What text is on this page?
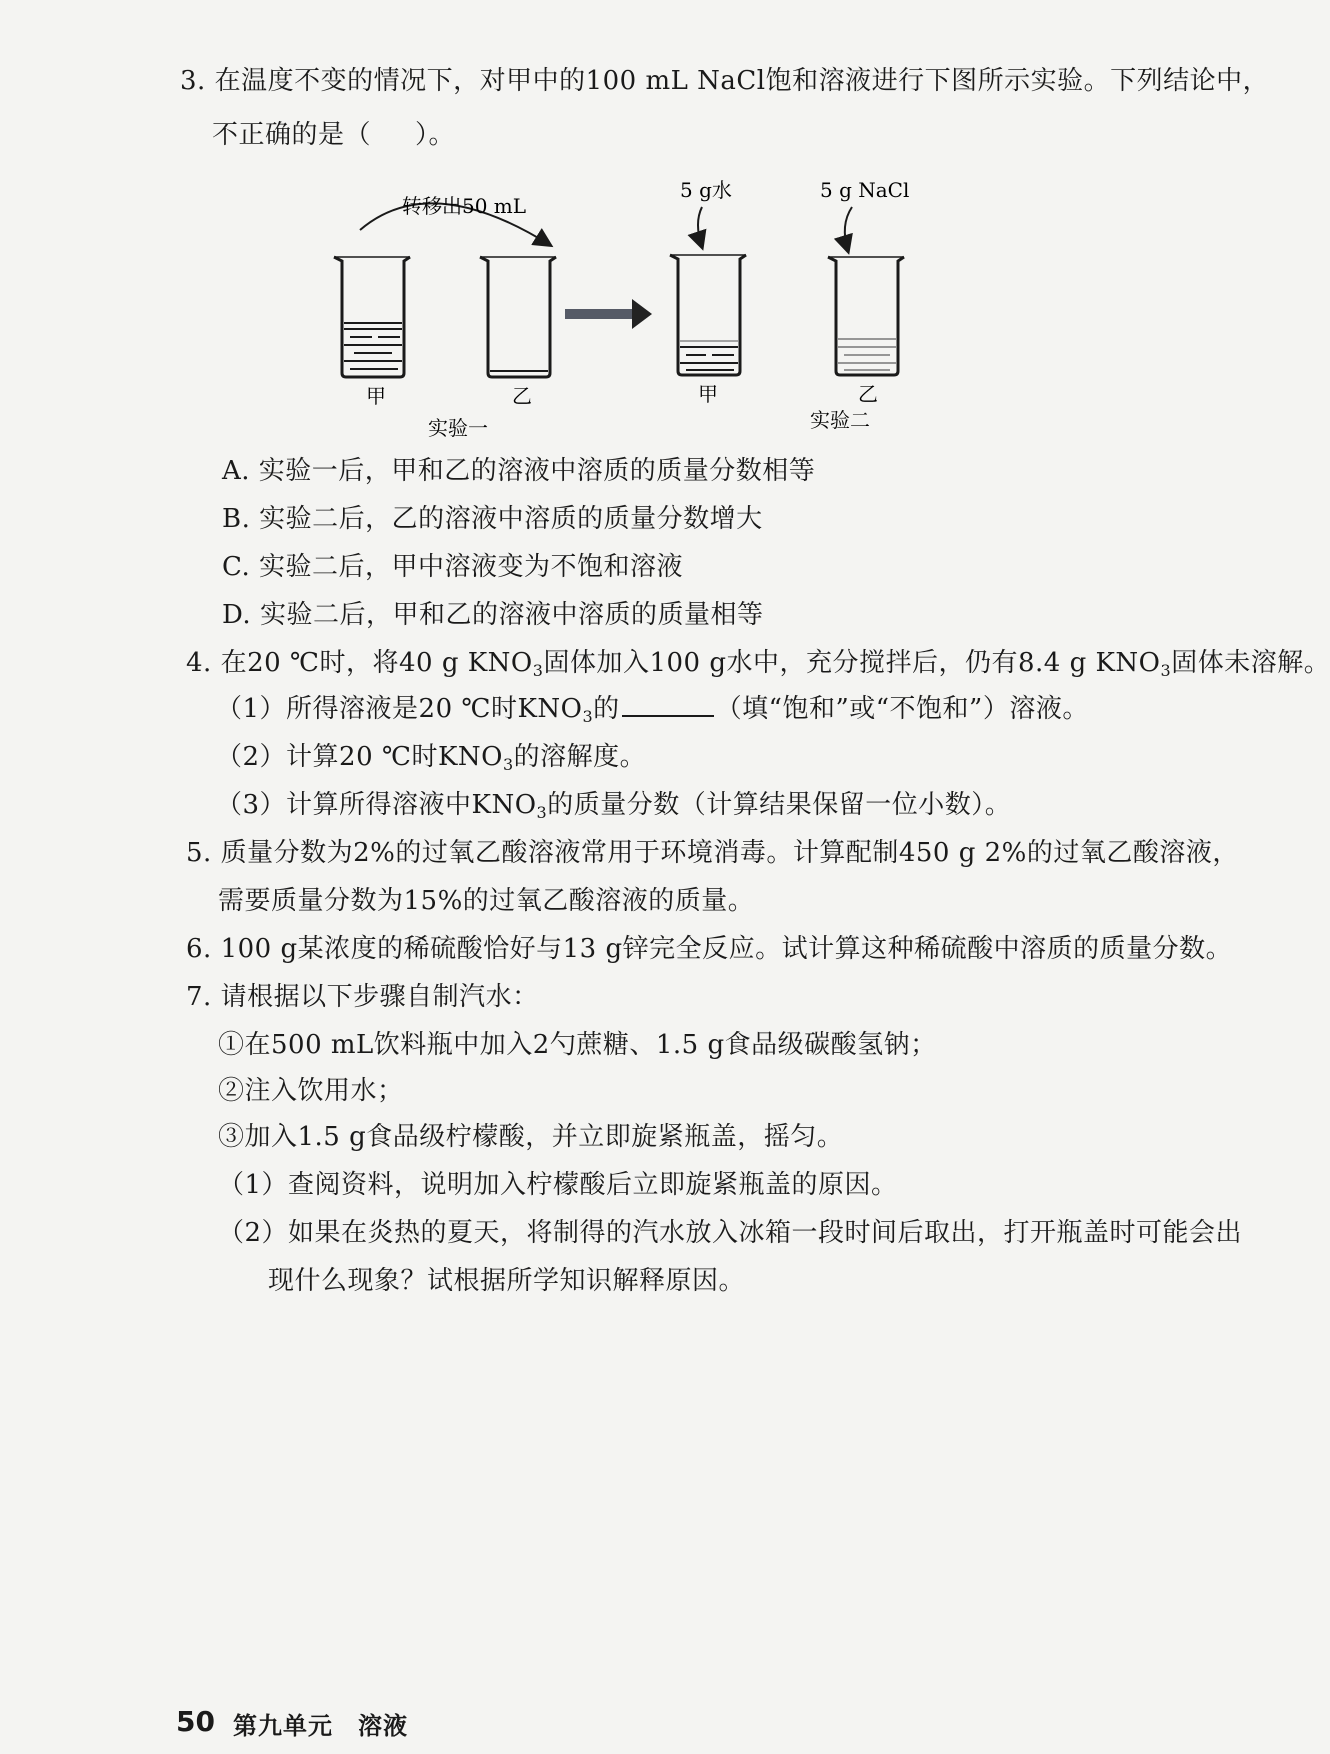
3. 在温度不变的情况下，对甲中的100 mL NaCl饱和溶液进行下图所示实验。下列结论中，
不正确的是（ ）。
转移出50 mL
甲	乙
实验一
5 g水
甲
5 g NaCl
乙
实验二
A. 实验一后，甲和乙的溶液中溶质的质量分数相等
B. 实验二后，乙的溶液中溶质的质量分数增大
C. 实验二后，甲中溶液变为不饱和溶液
D. 实验二后，甲和乙的溶液中溶质的质量相等
4. 在20 ℃时，将40 g $KNO_3$固体加入100 g水中，充分搅拌后，仍有8.4 g $KNO_3$固体未溶解。
（1）所得溶液是20 ℃时$KNO_3$的	（填“饱和”或“不饱和”）溶液。
（2）计算20 ℃时$KNO_3$的溶解度。
（3）计算所得溶液中$KNO_3$的质量分数（计算结果保留一位小数）。
5. 质量分数为2%的过氧乙酸溶液常用于环境消毒。计算配制450 g 2%的过氧乙酸溶液，
需要质量分数为15%的过氧乙酸溶液的质量。
6. 100 g某浓度的稀硫酸恰好与13 g锌完全反应。试计算这种稀硫酸中溶质的质量分数。
7. 请根据以下步骤自制汽水：
①在500 mL饮料瓶中加入2勺蔗糖、1.5 g食品级碳酸氢钠；
②注入饮用水；
③加入1.5 g食品级柠檬酸，并立即旋紧瓶盖，摇匀。
（1）查阅资料，说明加入柠檬酸后立即旋紧瓶盖的原因。
（2）如果在炎热的夏天，将制得的汽水放入冰箱一段时间后取出，打开瓶盖时可能会出
现什么现象？试根据所学知识解释原因。
50 第九单元　溶液
